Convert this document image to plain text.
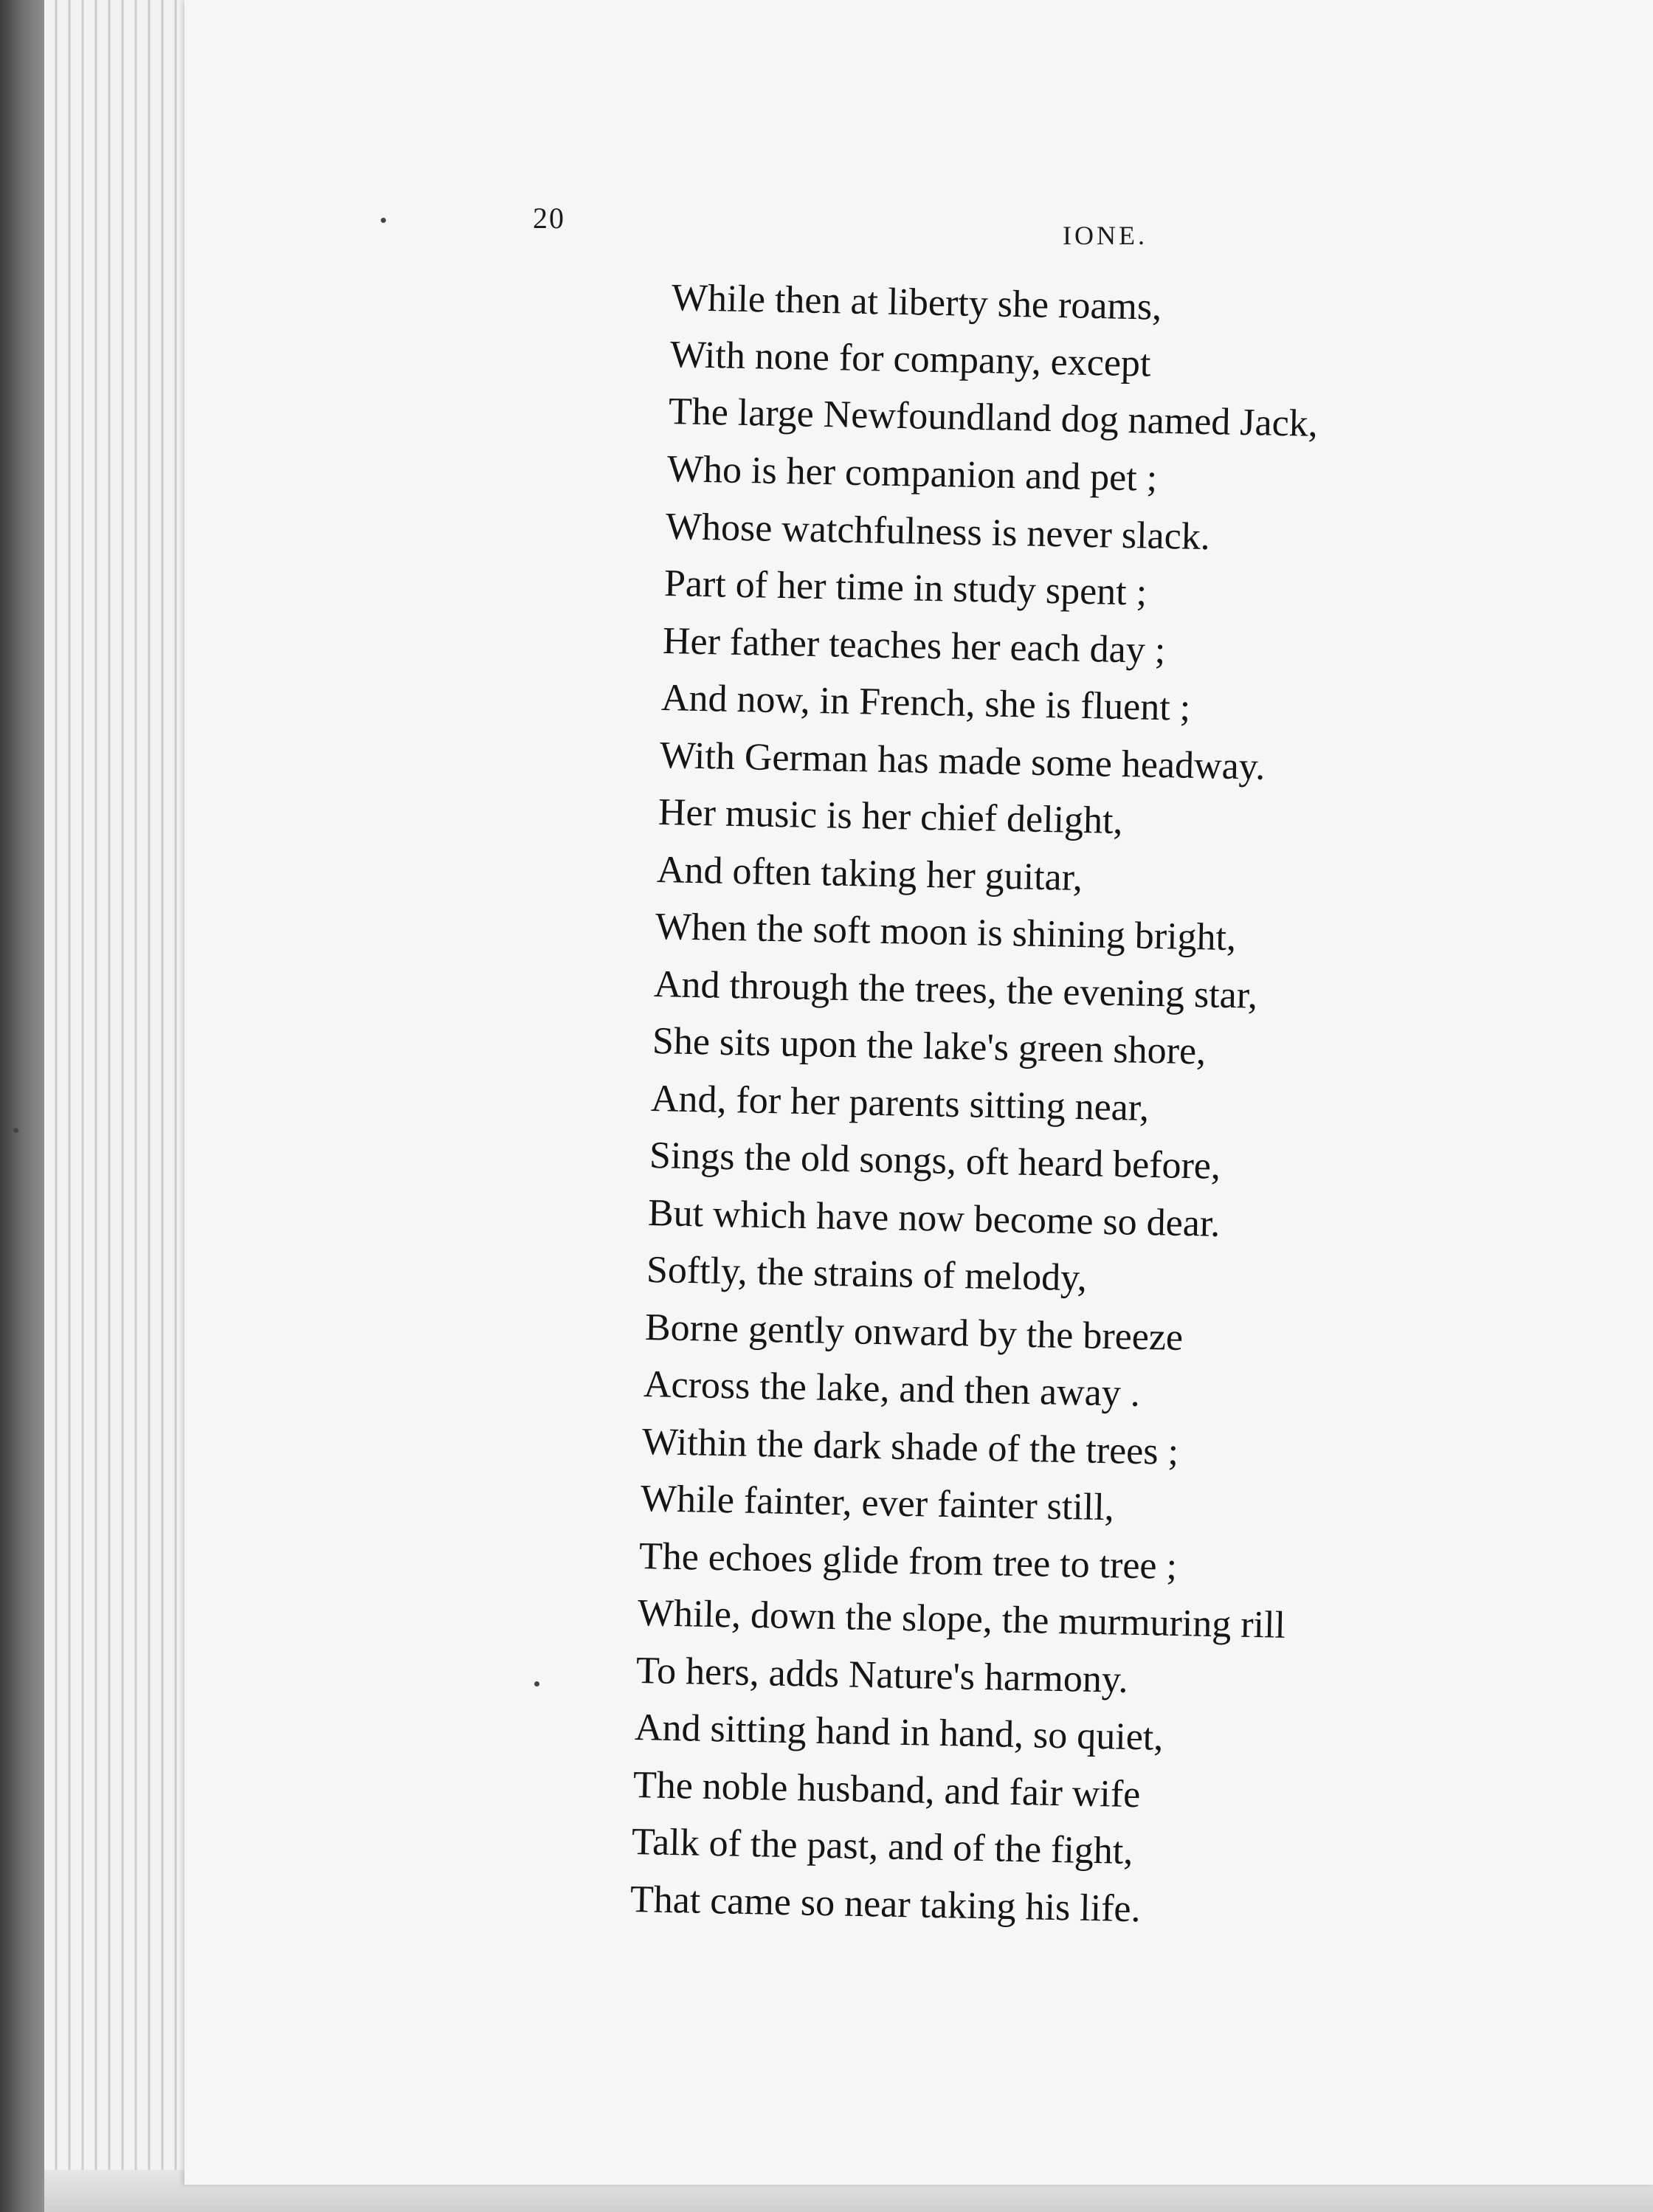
20
IONE.
While then at liberty she roams,
With none for company, except
The large Newfoundland dog named Jack,
Who is her companion and pet ;
Whose watchfulness is never slack.
Part of her time in study spent ;
Her father teaches her each day ;
And now, in French, she is fluent ;
With German has made some headway.
Her music is her chief delight,
And often taking her guitar,
When the soft moon is shining bright,
And through the trees, the evening star,
She sits upon the lake's green shore,
And, for her parents sitting near,
Sings the old songs, oft heard before,
But which have now become so dear.
Softly, the strains of melody,
Borne gently onward by the breeze
Across the lake, and then away .
Within the dark shade of the trees ;
While fainter, ever fainter still,
The echoes glide from tree to tree ;
While, down the slope, the murmuring rill
To hers, adds Nature's harmony.
And sitting hand in hand, so quiet,
The noble husband, and fair wife
Talk of the past, and of the fight,
That came so near taking his life.
